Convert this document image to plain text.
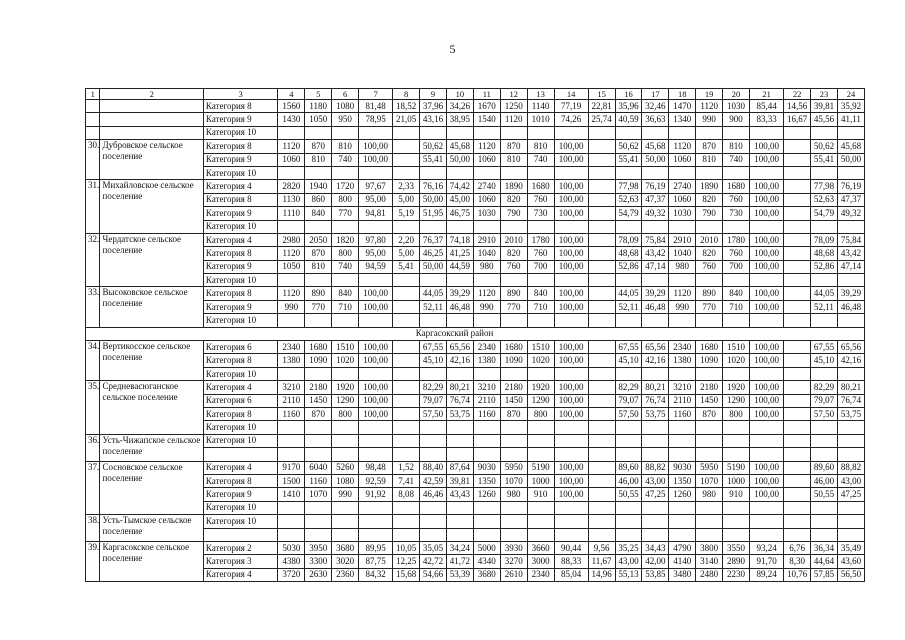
5
1	2	3	4	5	6	7	8	9	10	11	12	13	14	15	16	17	18	19	20	21	22	23	24
		Категория 8	1560	1180	1080	81,48	18,52	37,96	34,26	1670	1250	1140	77,19	22,81	35,96	32,46	1470	1120	1030	85,44	14,56	39,81	35,92
		Категория 9	1430	1050	950	78,95	21,05	43,16	38,95	1540	1120	1010	74,26	25,74	40,59	36,63	1340	990	900	83,33	16,67	45,56	41,11
		Категория 10																					
30.	Дубровское сельское поселение	Категория 8	1120	870	810	100,00		50,62	45,68	1120	870	810	100,00		50,62	45,68	1120	870	810	100,00		50,62	45,68
		Категория 9	1060	810	740	100,00		55,41	50,00	1060	810	740	100,00		55,41	50,00	1060	810	740	100,00		55,41	50,00
		Категория 10																					
31.	Михайловское сельское поселение	Категория 4	2820	1940	1720	97,67	2,33	76,16	74,42	2740	1890	1680	100,00		77,98	76,19	2740	1890	1680	100,00		77,98	76,19
		Категория 8	1130	860	800	95,00	5,00	50,00	45,00	1060	820	760	100,00		52,63	47,37	1060	820	760	100,00		52,63	47,37
		Категория 9	1110	840	770	94,81	5,19	51,95	46,75	1030	790	730	100,00		54,79	49,32	1030	790	730	100,00		54,79	49,32
		Категория 10																					
32.	Чердатское сельское поселение	Категория 4	2980	2050	1820	97,80	2,20	76,37	74,18	2910	2010	1780	100,00		78,09	75,84	2910	2010	1780	100,00		78,09	75,84
		Категория 8	1120	870	800	95,00	5,00	46,25	41,25	1040	820	760	100,00		48,68	43,42	1040	820	760	100,00		48,68	43,42
		Категория 9	1050	810	740	94,59	5,41	50,00	44,59	980	760	700	100,00		52,86	47,14	980	760	700	100,00		52,86	47,14
		Категория 10																					
33.	Высоковское сельское поселение	Категория 8	1120	890	840	100,00		44,05	39,29	1120	890	840	100,00		44,05	39,29	1120	890	840	100,00		44,05	39,29
		Категория 9	990	770	710	100,00		52,11	46,48	990	770	710	100,00		52,11	46,48	990	770	710	100,00		52,11	46,48
		Категория 10																					
Каргасокский район																							
34.	Вертикосское сельское поселение	Категория 6	2340	1680	1510	100,00		67,55	65,56	2340	1680	1510	100,00		67,55	65,56	2340	1680	1510	100,00		67,55	65,56
		Категория 8	1380	1090	1020	100,00		45,10	42,16	1380	1090	1020	100,00		45,10	42,16	1380	1090	1020	100,00		45,10	42,16
		Категория 10																					
35.	Средневасюганское сельское поселение	Категория 4	3210	2180	1920	100,00		82,29	80,21	3210	2180	1920	100,00		82,29	80,21	3210	2180	1920	100,00		82,29	80,21
		Категория 6	2110	1450	1290	100,00		79,07	76,74	2110	1450	1290	100,00		79,07	76,74	2110	1450	1290	100,00		79,07	76,74
		Категория 8	1160	870	800	100,00		57,50	53,75	1160	870	800	100,00		57,50	53,75	1160	870	800	100,00		57,50	53,75
		Категория 10																					
36.	Усть-Чижапское сельское поселение	Категория 10																					

37.	Сосновское сельское поселение	Категория 4	9170	6040	5260	98,48	1,52	88,40	87,64	9030	5950	5190	100,00		89,60	88,82	9030	5950	5190	100,00		89,60	88,82
		Категория 8	1500	1160	1080	92,59	7,41	42,59	39,81	1350	1070	1000	100,00		46,00	43,00	1350	1070	1000	100,00		46,00	43,00
		Категория 9	1410	1070	990	91,92	8,08	46,46	43,43	1260	980	910	100,00		50,55	47,25	1260	980	910	100,00		50,55	47,25
		Категория 10																					
38.	Усть-Тымское сельское поселение	Категория 10																					

39.	Каргасокское сельское поселение	Категория 2	5030	3950	3680	89,95	10,05	35,05	34,24	5000	3930	3660	90,44	9,56	35,25	34,43	4790	3800	3550	93,24	6,76	36,34	35,49
		Категория 3	4380	3300	3020	87,75	12,25	42,72	41,72	4340	3270	3000	88,33	11,67	43,00	42,00	4140	3140	2890	91,70	8,30	44,64	43,60
		Категория 4	3720	2630	2360	84,32	15,68	54,66	53,39	3680	2610	2340	85,04	14,96	55,13	53,85	3480	2480	2230	89,24	10,76	57,85	56,50
